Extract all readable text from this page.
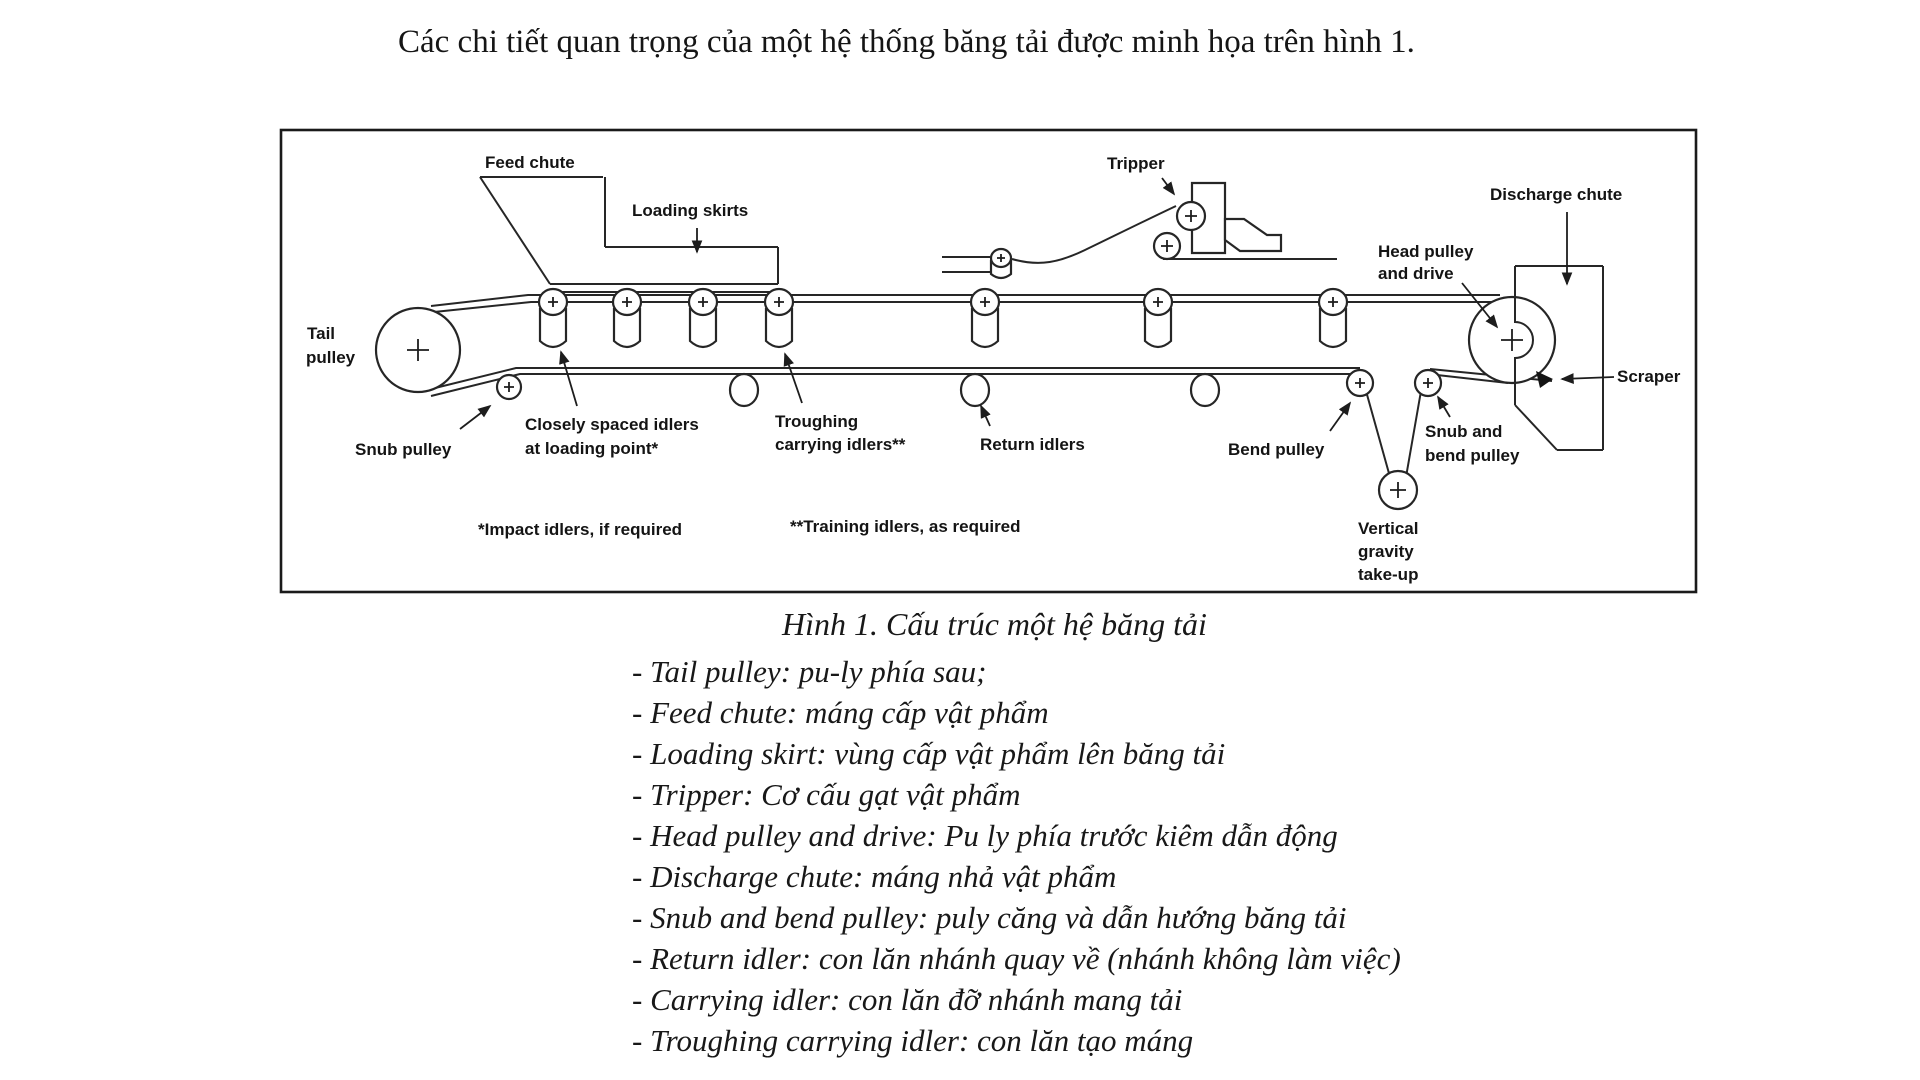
Các chi tiết quan trọng của một hệ thống băng tải được minh họa trên hình 1.
Feed chute
Loading skirts
Tripper
Discharge chute
Head pulley
and drive
Scraper
Tail
pulley
Snub pulley
Closely spaced idlers
at loading point*
Troughing
carrying idlers**	Return idlers	Bend pulley
Snub and
bend pulley
Vertical
gravity
take-up
*Impact idlers, if required	**Training idlers, as required
Hình 1. Cấu trúc một hệ băng tải
- Tail pulley: pu-ly phía sau;
- Feed chute: máng cấp vật phẩm
- Loading skirt: vùng cấp vật phẩm lên băng tải
- Tripper: Cơ cấu gạt vật phẩm
- Head pulley and drive: Pu ly phía trước kiêm dẫn động
- Discharge chute: máng nhả vật phẩm
- Snub and bend pulley: puly căng và dẫn hướng băng tải
- Return idler: con lăn nhánh quay về (nhánh không làm việc)
- Carrying idler: con lăn đỡ nhánh mang tải
- Troughing carrying idler: con lăn tạo máng
